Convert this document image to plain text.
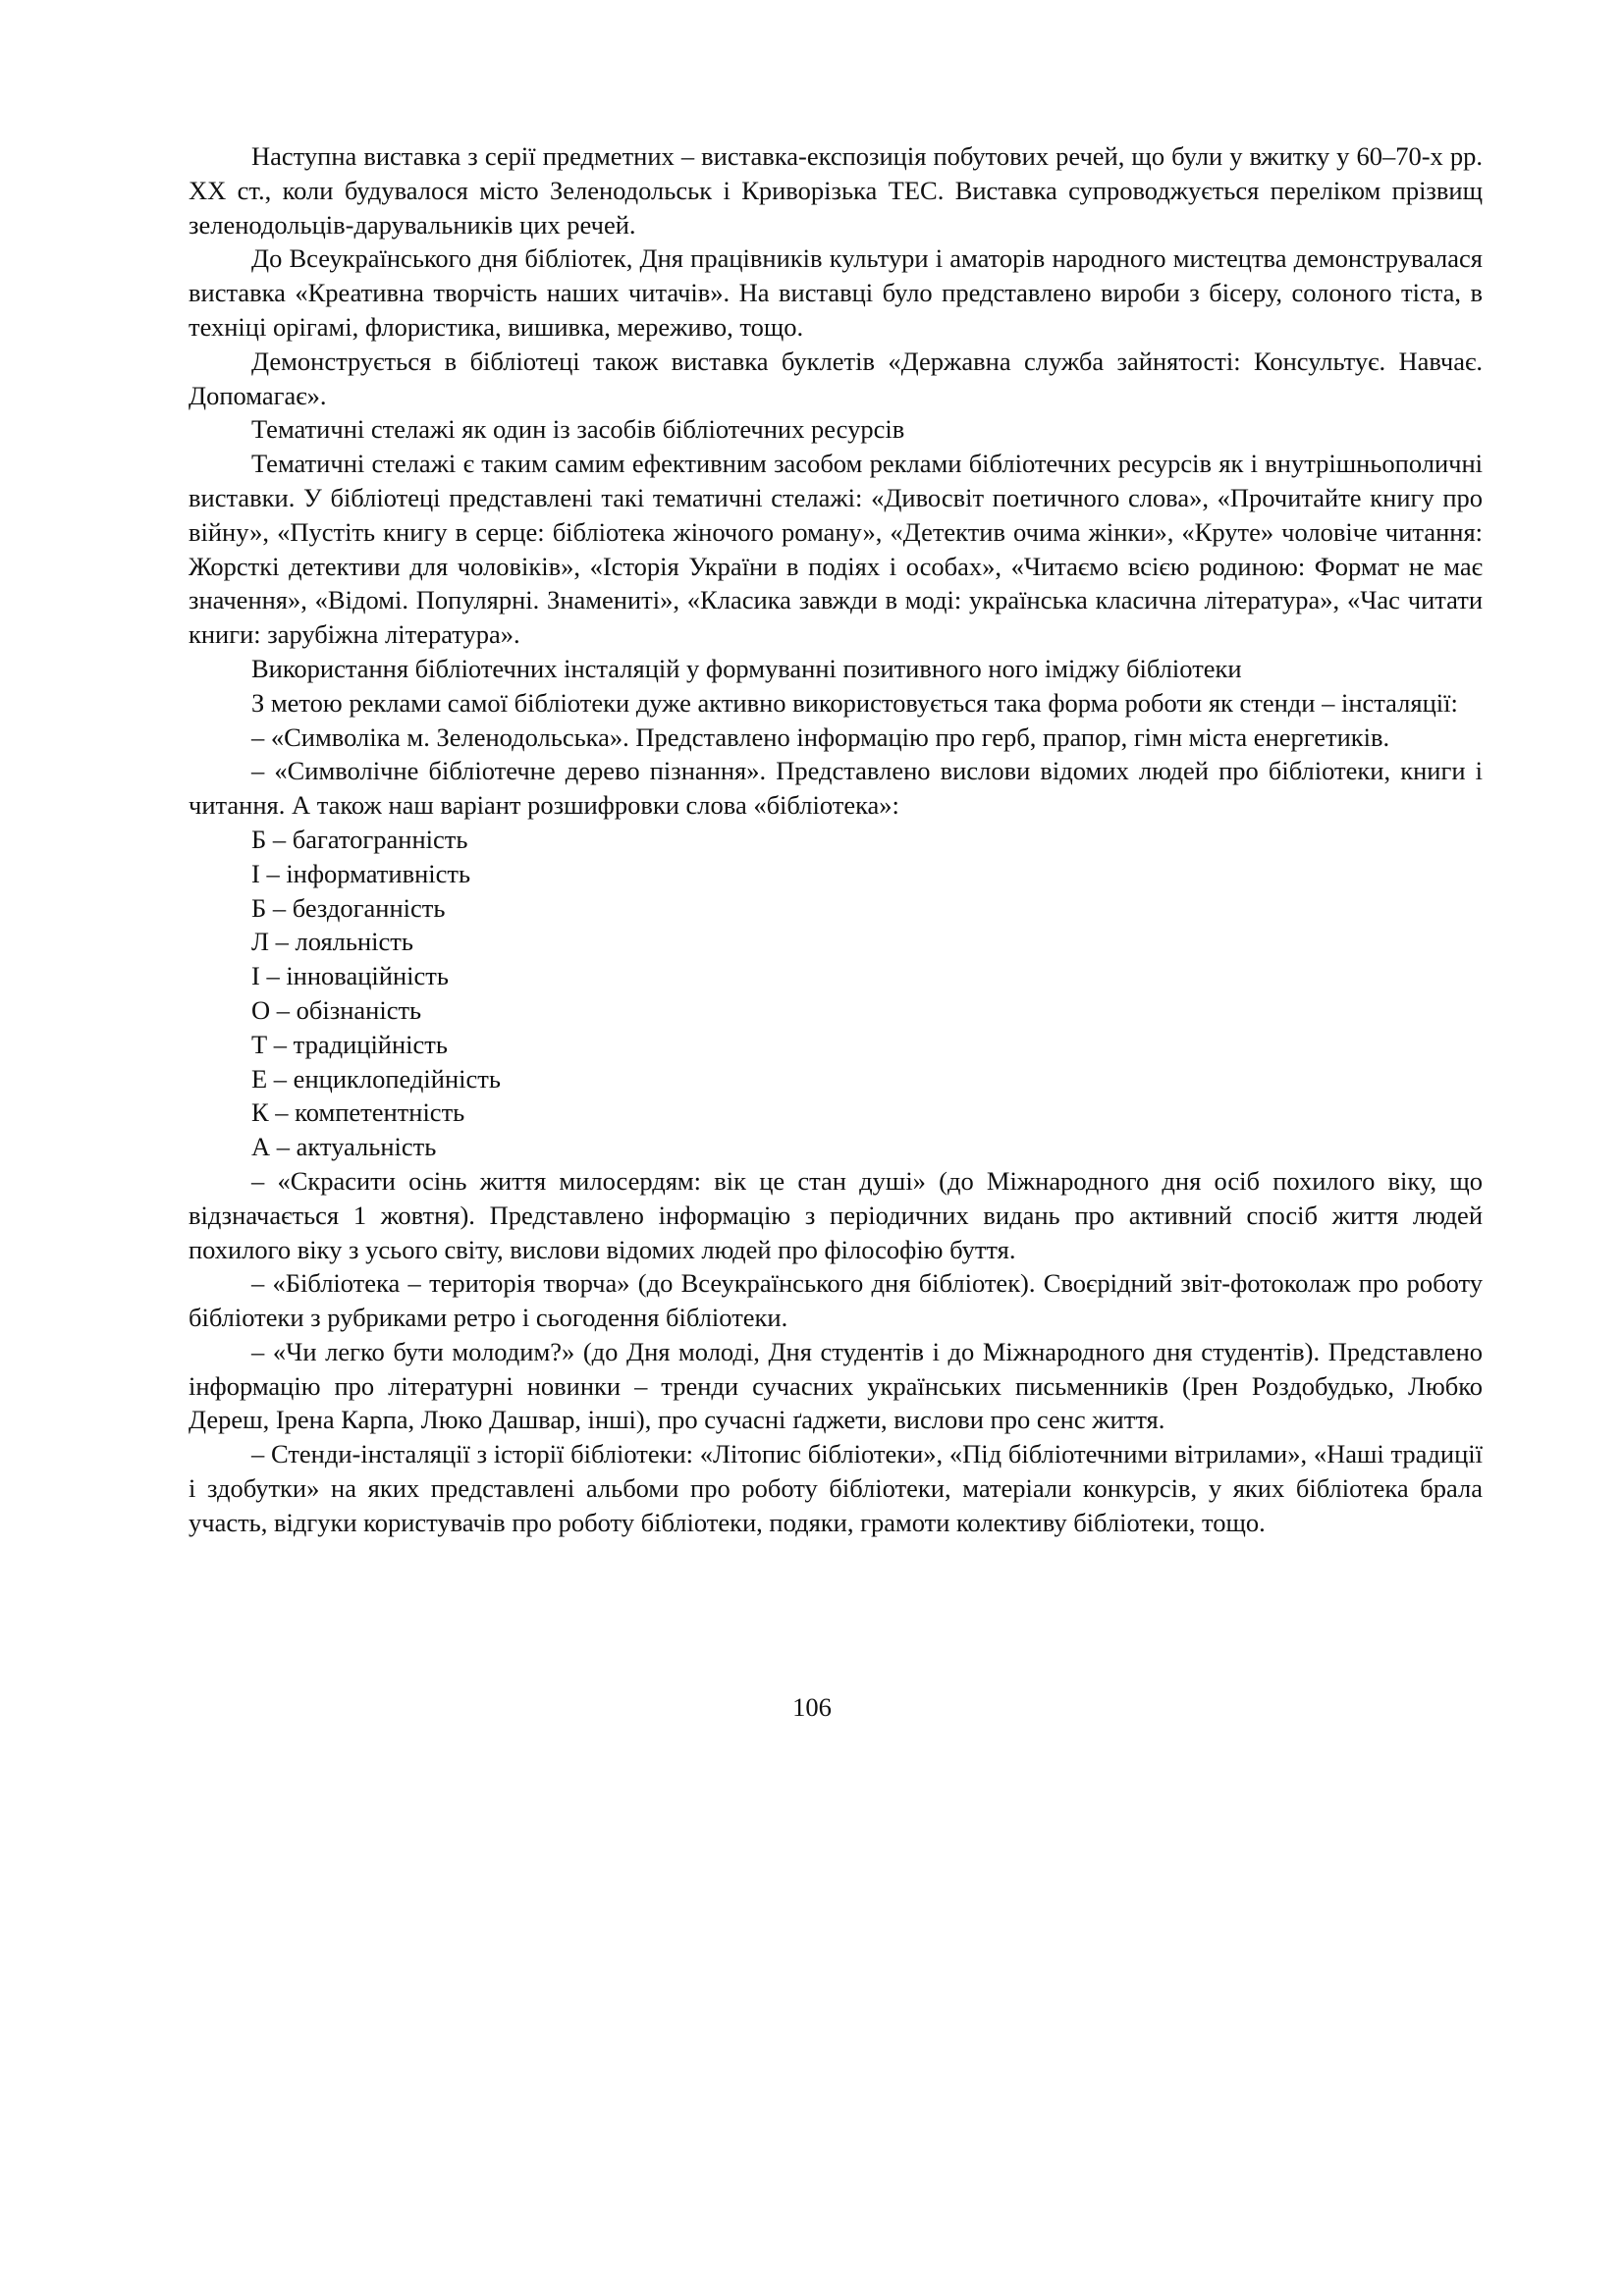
Наступна виставка з серії предметних – виставка-експозиція побутових речей, що були у вжитку у 60–70-х рр. ХХ ст., коли будувалося місто Зеленодольськ і Криворізька ТЕС. Виставка супроводжується переліком прізвищ зеленодольців-дарувальників цих речей.

До Всеукраїнського дня бібліотек, Дня працівників культури і аматорів народного мистецтва демонструвалася виставка «Креативна творчість наших читачів». На виставці було представлено вироби з бісеру, солоного тіста, в техніці орігамі, флористика, вишивка, мереживо, тощо.

Демонструється в бібліотеці також виставка буклетів «Державна служба зайнятості: Консультує. Навчає. Допомагає».

Тематичні стелажі як один із засобів бібліотечних ресурсів

Тематичні стелажі є таким самим ефективним засобом реклами бібліотечних ресурсів як і внутрішньополичні виставки. У бібліотеці представлені такі тематичні стелажі: «Дивосвіт поетичного слова», «Прочитайте книгу про війну», «Пустіть книгу в серце: бібліотека жіночого роману», «Детектив очима жінки», «Круте» чоловіче читання: Жорсткі детективи для чоловіків», «Історія України в подіях і особах», «Читаємо всією родиною: Формат не має значення», «Відомі. Популярні. Знамениті», «Класика завжди в моді: українська класична література», «Час читати книги: зарубіжна література».

Використання бібліотечних інсталяцій у формуванні позитивного ного іміджу бібліотеки

З метою реклами самої бібліотеки дуже активно використовується така форма роботи як стенди – інсталяції:

– «Символіка м. Зеленодольська». Представлено інформацію про герб, прапор, гімн міста енергетиків.

– «Символічне бібліотечне дерево пізнання». Представлено вислови відомих людей про бібліотеки, книги і читання. А також наш варіант розшифровки слова «бібліотека»:

Б – багатогранність
І – інформативність
Б – бездоганність
Л – лояльність
І – інноваційність
О – обізнаність
Т – традиційність
Е – енциклопедійність
К – компетентність
А – актуальність

– «Скрасити осінь життя милосердям: вік це стан душі» (до Міжнародного дня осіб похилого віку, що відзначається 1 жовтня). Представлено інформацію з періодичних видань про активний спосіб життя людей похилого віку з усього світу, вислови відомих людей про філософію буття.

– «Бібліотека – територія творча» (до Всеукраїнського дня бібліотек). Своєрідний звіт-фотоколаж про роботу бібліотеки з рубриками ретро і сьогодення бібліотеки.

– «Чи легко бути молодим?» (до Дня молоді, Дня студентів і до Міжнародного дня студентів). Представлено інформацію про літературні новинки – тренди сучасних українських письменників (Ірен Роздобудько, Любко Дереш, Ірена Карпа, Люко Дашвар, інші), про сучасні ґаджети, вислови про сенс життя.

– Стенди-інсталяції з історії бібліотеки: «Літопис бібліотеки», «Під бібліотечними вітрилами», «Наші традиції і здобутки» на яких представлені альбоми про роботу бібліотеки, матеріали конкурсів, у яких бібліотека брала участь, відгуки користувачів про роботу бібліотеки, подяки, грамоти колективу бібліотеки, тощо.

106
